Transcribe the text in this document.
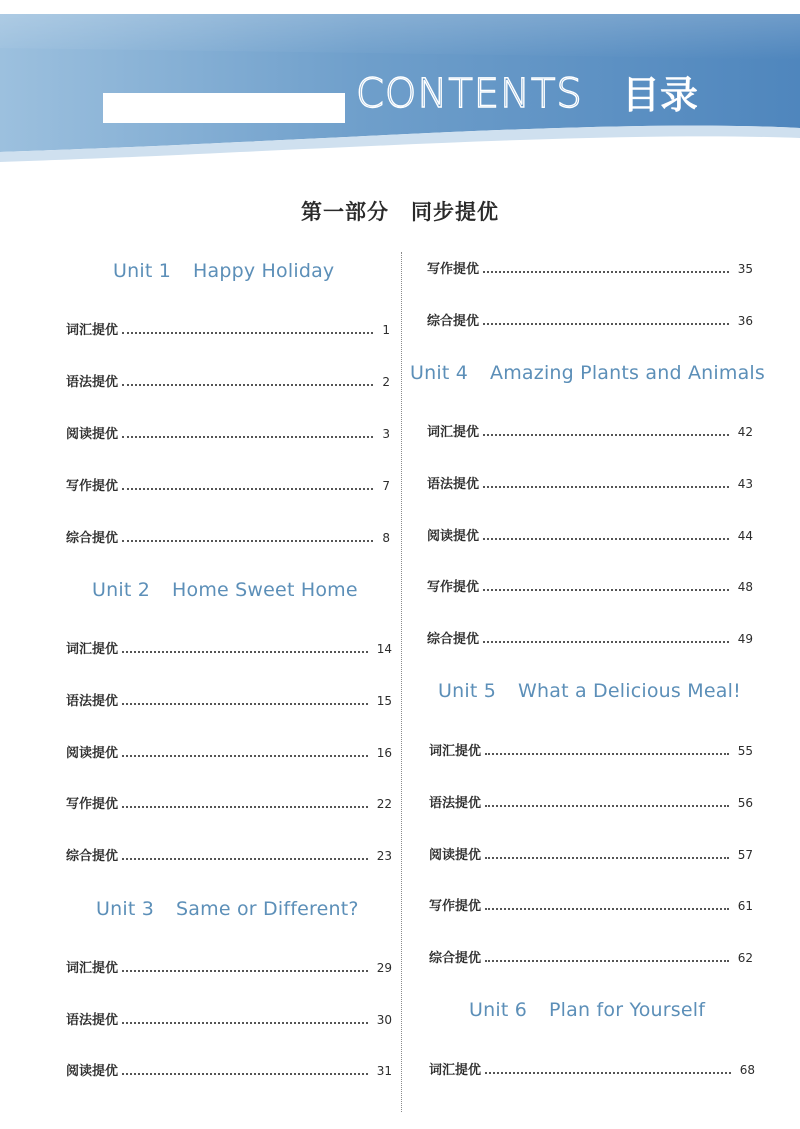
CONTENTS 目录
第一部分　同步提优
Unit 1 Happy Holiday
词汇提优	1
语法提优	2
阅读提优	3
写作提优	7
综合提优	8
Unit 2 Home Sweet Home
词汇提优	14
语法提优	15
阅读提优	16
写作提优	22
综合提优	23
Unit 3 Same or Different?
词汇提优	29
语法提优	30
阅读提优	31
写作提优	35
综合提优	36
Unit 4 Amazing Plants and Animals
词汇提优	42
语法提优	43
阅读提优	44
写作提优	48
综合提优	49
Unit 5 What a Delicious Meal!
词汇提优	55
语法提优	56
阅读提优	57
写作提优	61
综合提优	62
Unit 6 Plan for Yourself
词汇提优	68
